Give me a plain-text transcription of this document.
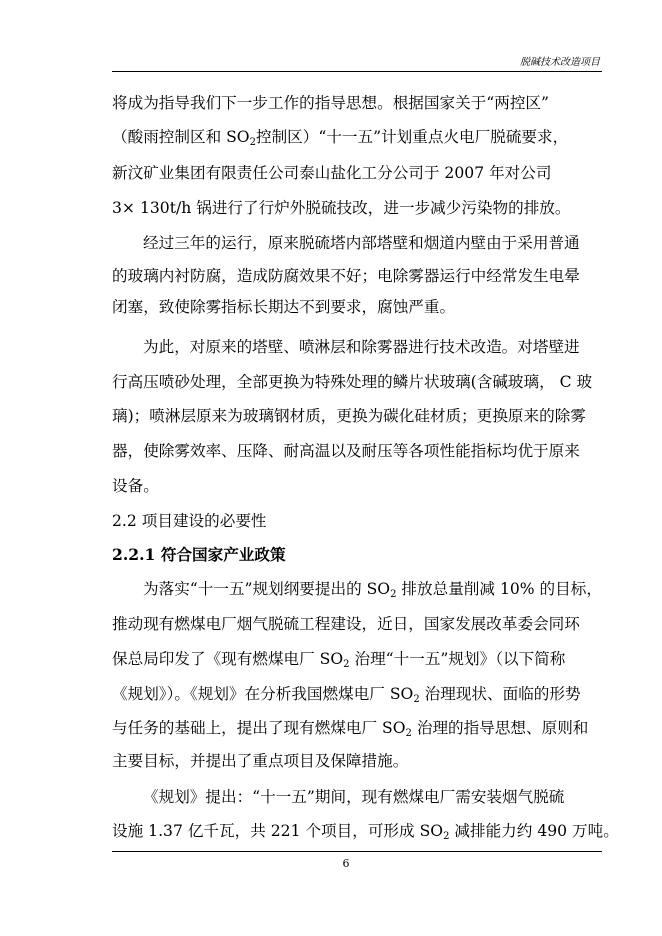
脱碱技术改造项目
将成为指导我们下一步工作的指导思想。根据国家关于“两控区”
（酸雨控制区和 $SO_2$控制区）“十一五”计划重点火电厂脱硫要求，
新汶矿业集团有限责任公司泰山盐化工分公司于 2007 年对公司
3× 130t/h 锅进行了行炉外脱硫技改，进一步减少污染物的排放。
经过三年的运行，原来脱硫塔内部塔壁和烟道内壁由于采用普通
的玻璃内衬防腐，造成防腐效果不好；电除雾器运行中经常发生电晕
闭塞，致使除雾指标长期达不到要求，腐蚀严重。
为此，对原来的塔壁、喷淋层和除雾器进行技术改造。对塔壁进
行高压喷砂处理，全部更换为特殊处理的鳞片状玻璃(含碱玻璃， C 玻
璃)；喷淋层原来为玻璃钢材质，更换为碳化硅材质；更换原来的除雾
器，使除雾效率、压降、耐高温以及耐压等各项性能指标均优于原来
设备。
2.2 项目建设的必要性
2.2.1 符合国家产业政策
为落实“十一五”规划纲要提出的 $SO_2$ 排放总量削减 10% 的目标，
推动现有燃煤电厂烟气脱硫工程建设，近日，国家发展改革委会同环
保总局印发了《现有燃煤电厂 $SO_2$ 治理“十一五”规划》（以下简称
《规划》）。《规划》在分析我国燃煤电厂 $SO_2$ 治理现状、面临的形势
与任务的基础上，提出了现有燃煤电厂 $SO_2$ 治理的指导思想、原则和
主要目标，并提出了重点项目及保障措施。
《规划》提出：“十一五”期间，现有燃煤电厂需安装烟气脱硫
设施 1.37 亿千瓦，共 221 个项目，可形成 $SO_2$ 减排能力约 490 万吨。
6
